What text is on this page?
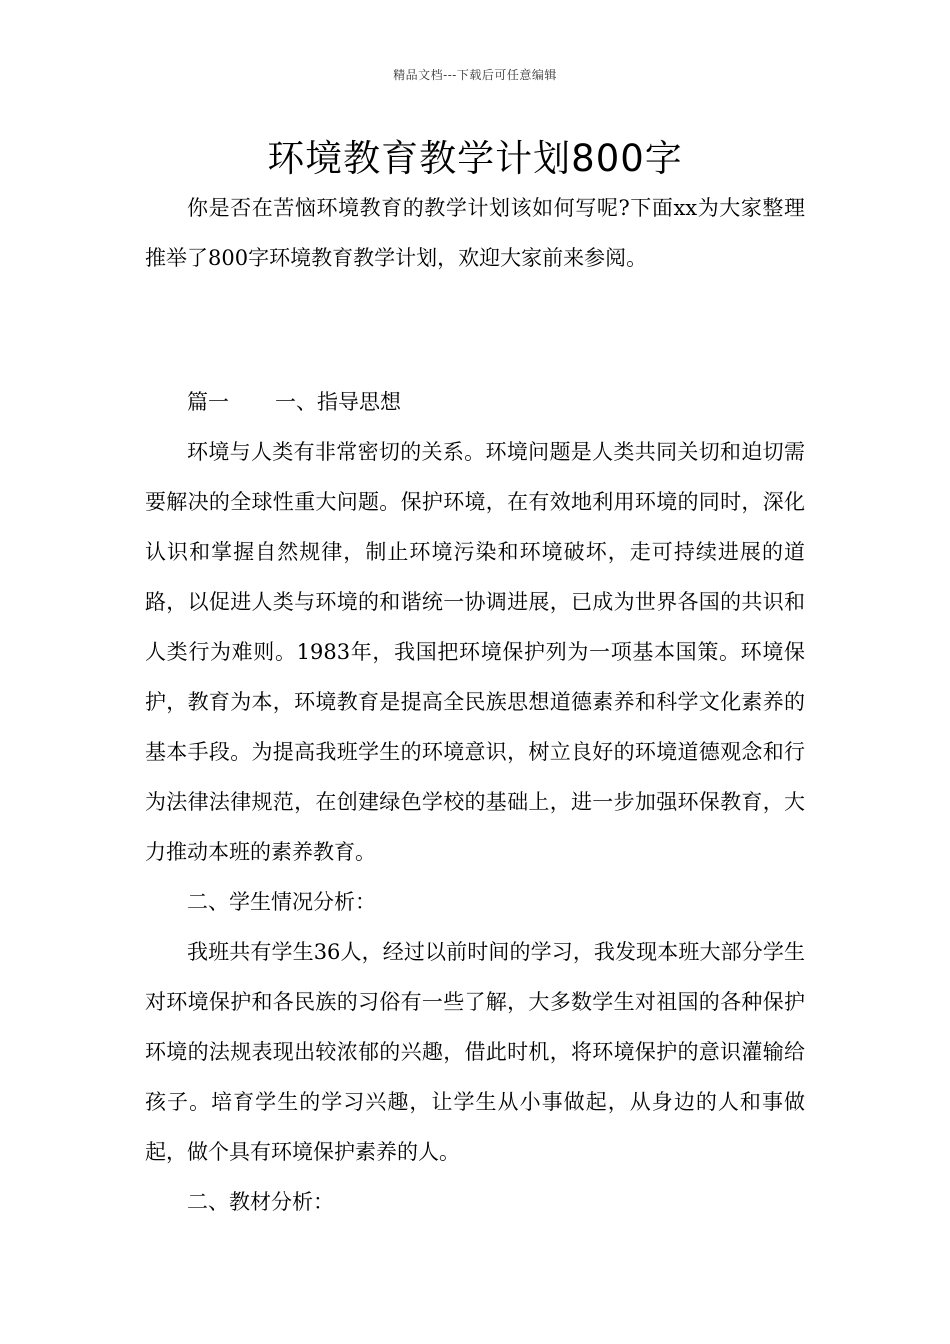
精品文档---下载后可任意编辑
环境教育教学计划800字

你是否在苦恼环境教育的教学计划该如何写呢?下面xx为大家整理推举了800字环境教育教学计划，欢迎大家前来参阅。

篇一 一、指导思想

环境与人类有非常密切的关系。环境问题是人类共同关切和迫切需要解决的全球性重大问题。保护环境，在有效地利用环境的同时，深化认识和掌握自然规律，制止环境污染和环境破坏，走可持续进展的道路，以促进人类与环境的和谐统一协调进展，已成为世界各国的共识和人类行为难则。1983年，我国把环境保护列为一项基本国策。环境保护，教育为本，环境教育是提高全民族思想道德素养和科学文化素养的基本手段。为提高我班学生的环境意识，树立良好的环境道德观念和行为法律法律规范，在创建绿色学校的基础上，进一步加强环保教育，大力推动本班的素养教育。

二、学生情况分析：

我班共有学生36人，经过以前时间的学习，我发现本班大部分学生对环境保护和各民族的习俗有一些了解，大多数学生对祖国的各种保护环境的法规表现出较浓郁的兴趣，借此时机，将环境保护的意识灌输给孩子。培育学生的学习兴趣，让学生从小事做起，从身边的人和事做起，做个具有环境保护素养的人。

二、教材分析：
